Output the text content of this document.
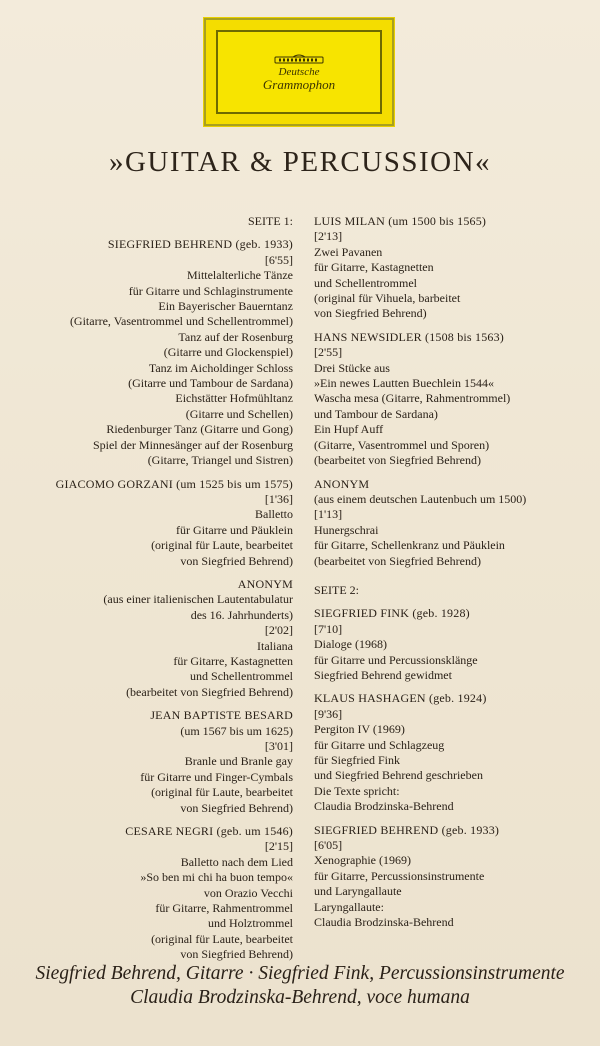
Deutsche
Grammophon
»GUITAR & PERCUSSION«
SEITE 1:
SIEGFRIED BEHREND (geb. 1933)
[6'55]
Mittelalterliche Tänze
für Gitarre und Schlaginstrumente
Ein Bayerischer Bauerntanz
(Gitarre, Vasentrommel und Schellentrommel)
Tanz auf der Rosenburg
(Gitarre und Glockenspiel)
Tanz im Aicholdinger Schloss
(Gitarre und Tambour de Sardana)
Eichstätter Hofmühltanz
(Gitarre und Schellen)
Riedenburger Tanz (Gitarre und Gong)
Spiel der Minnesänger auf der Rosenburg
(Gitarre, Triangel und Sistren)
GIACOMO GORZANI (um 1525 bis um 1575)
[1'36]
Balletto
für Gitarre und Päuklein
(original für Laute, bearbeitet
von Siegfried Behrend)
ANONYM
(aus einer italienischen Lautentabulatur
des 16. Jahrhunderts)
[2'02]
Italiana
für Gitarre, Kastagnetten
und Schellentrommel
(bearbeitet von Siegfried Behrend)
JEAN BAPTISTE BESARD
(um 1567 bis um 1625)
[3'01]
Branle und Branle gay
für Gitarre und Finger-Cymbals
(original für Laute, bearbeitet
von Siegfried Behrend)
CESARE NEGRI (geb. um 1546)
[2'15]
Balletto nach dem Lied
»So ben mi chi ha buon tempo«
von Orazio Vecchi
für Gitarre, Rahmentrommel
und Holztrommel
(original für Laute, bearbeitet
von Siegfried Behrend)
LUIS MILAN (um 1500 bis 1565)
[2'13]
Zwei Pavanen
für Gitarre, Kastagnetten
und Schellentrommel
(original für Vihuela, barbeitet
von Siegfried Behrend)
HANS NEWSIDLER (1508 bis 1563)
[2'55]
Drei Stücke aus
»Ein newes Lautten Buechlein 1544«
Wascha mesa (Gitarre, Rahmentrommel)
und Tambour de Sardana)
Ein Hupf Auff
(Gitarre, Vasentrommel und Sporen)
(bearbeitet von Siegfried Behrend)
ANONYM
(aus einem deutschen Lautenbuch um 1500)
[1'13]
Hunergschrai
für Gitarre, Schellenkranz und Päuklein
(bearbeitet von Siegfried Behrend)
SEITE 2:
SIEGFRIED FINK (geb. 1928)
[7'10]
Dialoge (1968)
für Gitarre und Percussionsklänge
Siegfried Behrend gewidmet
KLAUS HASHAGEN (geb. 1924)
[9'36]
Pergiton IV (1969)
für Gitarre und Schlagzeug
für Siegfried Fink
und Siegfried Behrend geschrieben
Die Texte spricht:
Claudia Brodzinska-Behrend
SIEGFRIED BEHREND (geb. 1933)
[6'05]
Xenographie (1969)
für Gitarre, Percussionsinstrumente
und Laryngallaute
Laryngallaute:
Claudia Brodzinska-Behrend
Siegfried Behrend, Gitarre · Siegfried Fink, Percussionsinstrumente
Claudia Brodzinska-Behrend, voce humana
